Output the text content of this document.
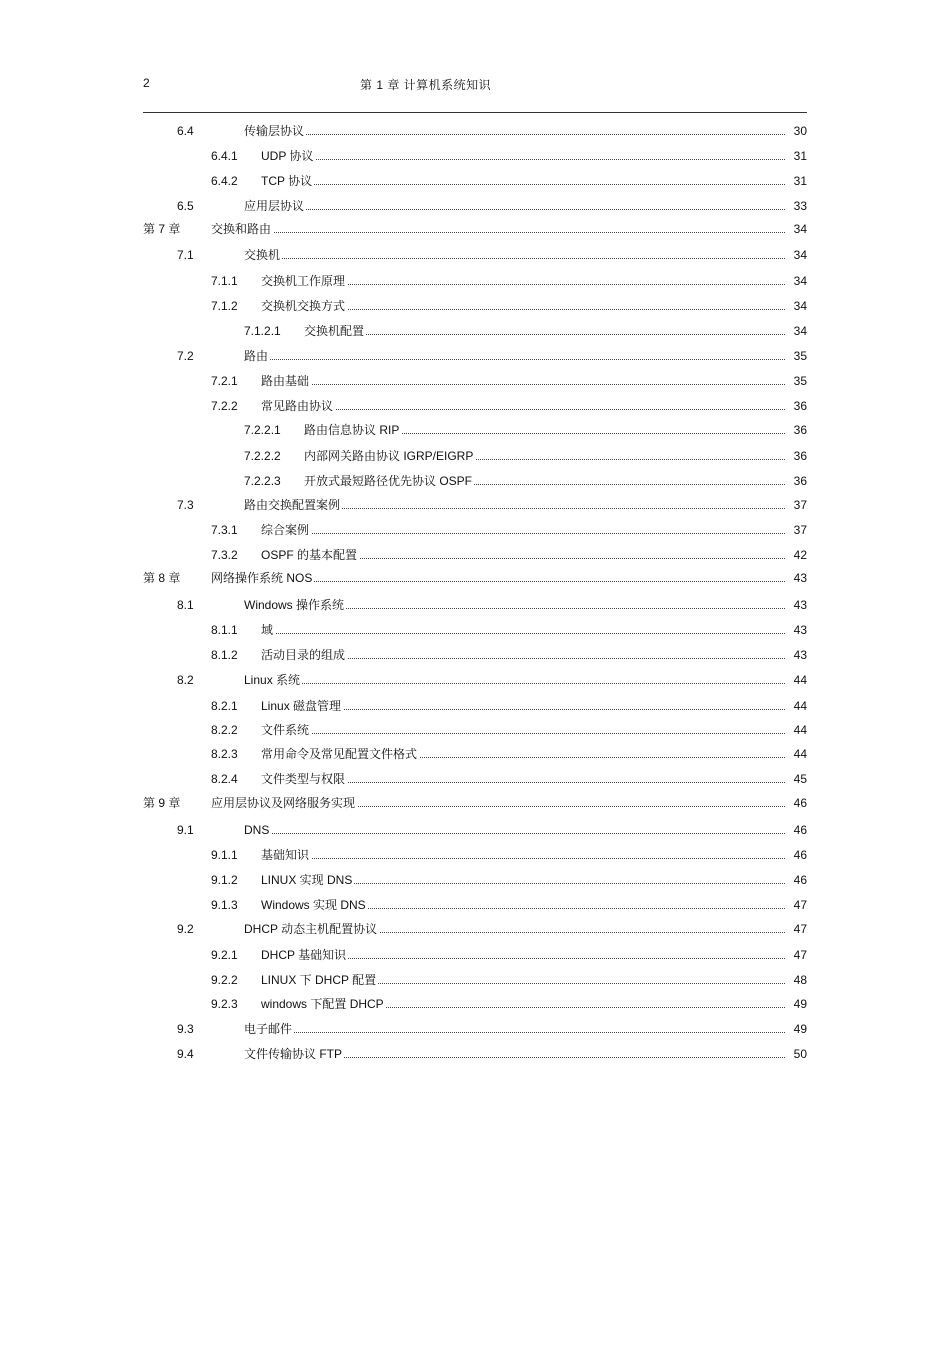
2	第 1 章 计算机系统知识
6.4	传输层协议	30
6.4.1 UDP 协议	31
6.4.2 TCP 协议	31
6.5	应用层协议	33
第 7 章	交换和路由	34
7.1	交换机	34
7.1.1 交换机工作原理	34
7.1.2 交换机交换方式	34
7.1.2.1 交换机配置	34
7.2	路由	35
7.2.1 路由基础	35
7.2.2 常见路由协议	36
7.2.2.1 路由信息协议 RIP	36
7.2.2.2 内部网关路由协议 IGRP/EIGRP	36
7.2.2.3 开放式最短路径优先协议 OSPF	36
7.3	路由交换配置案例	37
7.3.1 综合案例	37
7.3.2 OSPF 的基本配置	42
第 8 章	网络操作系统 NOS	43
8.1	Windows 操作系统	43
8.1.1 域	43
8.1.2 活动目录的组成	43
8.2	Linux 系统	44
8.2.1 Linux 磁盘管理	44
8.2.2 文件系统	44
8.2.3 常用命令及常见配置文件格式	44
8.2.4 文件类型与权限	45
第 9 章	应用层协议及网络服务实现	46
9.1	DNS	46
9.1.1 基础知识	46
9.1.2 LINUX 实现 DNS	46
9.1.3 Windows 实现 DNS	47
9.2	DHCP 动态主机配置协议	47
9.2.1 DHCP 基础知识	47
9.2.2 LINUX 下 DHCP 配置	48
9.2.3 windows 下配置 DHCP	49
9.3	电子邮件	49
9.4	文件传输协议 FTP	50
